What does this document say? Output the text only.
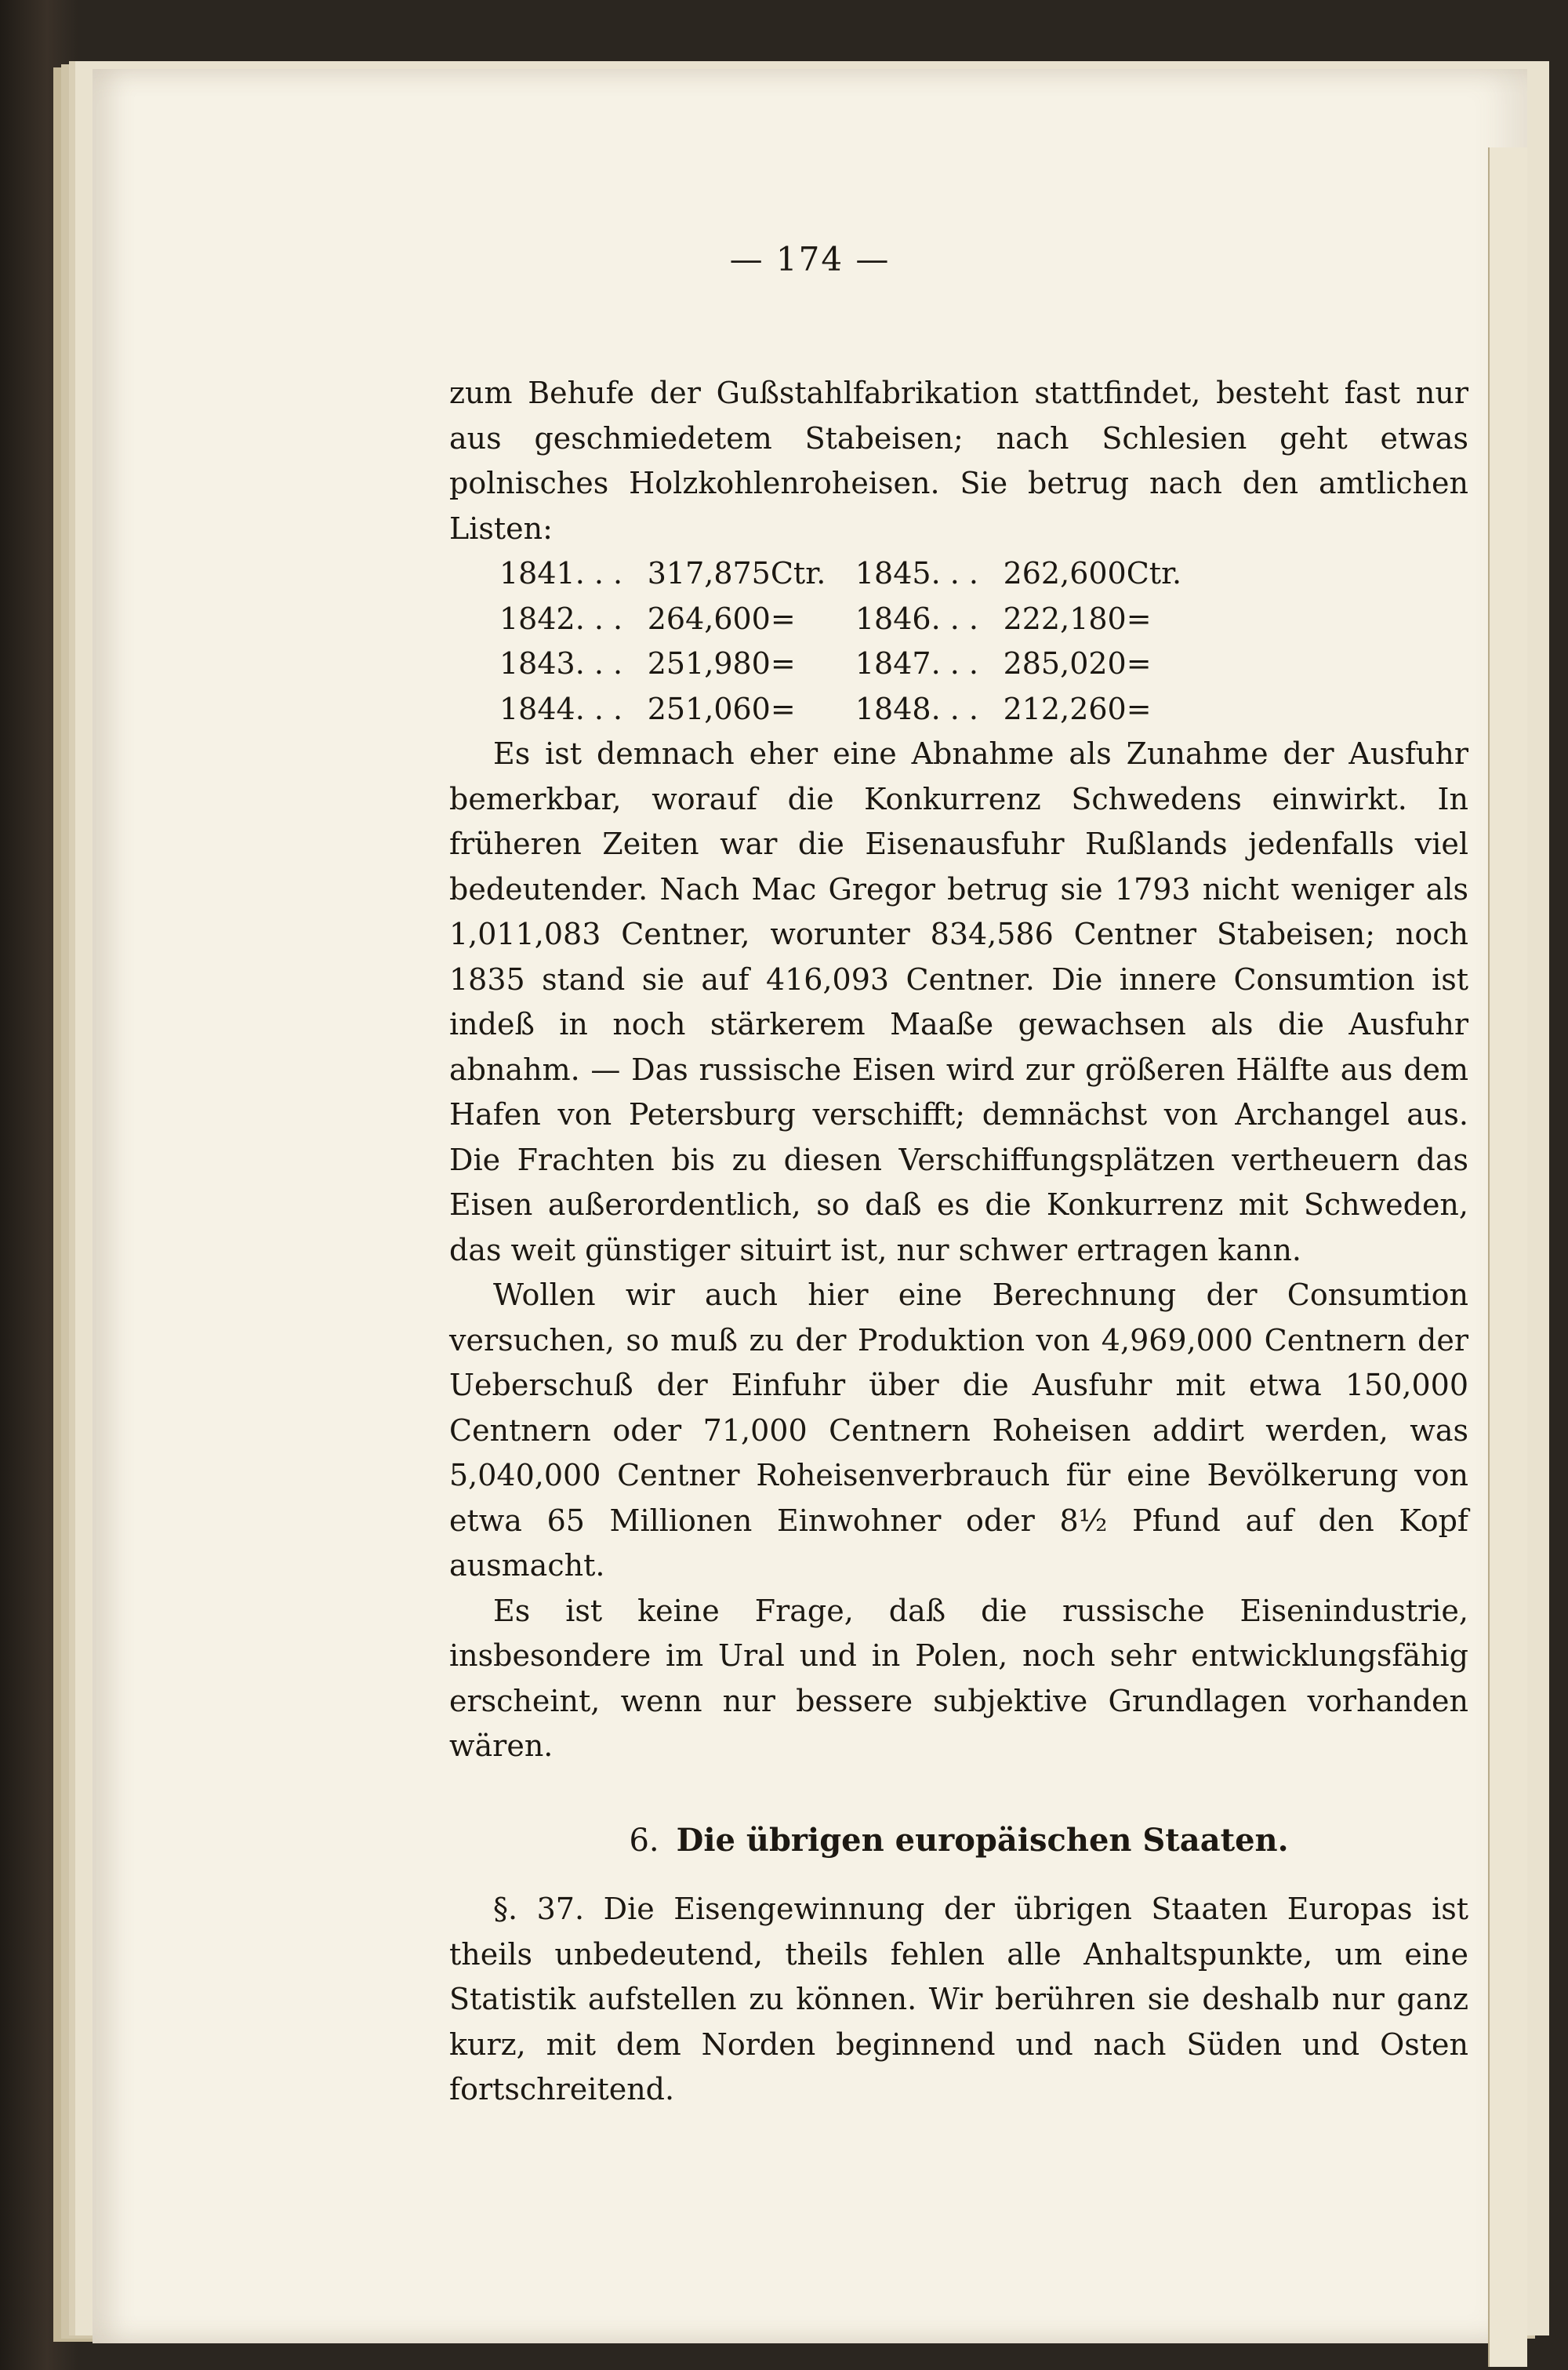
— 174 —

zum Behufe der Gußstahlfabrikation stattfindet, besteht fast nur aus geschmiedetem Stabeisen; nach Schlesien geht etwas polnisches Holzkohlenroheisen. Sie betrug nach den amtlichen Listen:

1841	. . .	317,875	Ctr.	1845	. . .	262,600	Ctr.
1842	. . .	264,600	=	1846	. . .	222,180	=
1843	. . .	251,980	=	1847	. . .	285,020	=
1844	. . .	251,060	=	1848	. . .	212,260	=

Es ist demnach eher eine Abnahme als Zunahme der Ausfuhr bemerkbar, worauf die Konkurrenz Schwedens einwirkt. In früheren Zeiten war die Eisenausfuhr Rußlands jedenfalls viel bedeutender. Nach Mac Gregor betrug sie 1793 nicht weniger als 1,011,083 Centner, worunter 834,586 Centner Stabeisen; noch 1835 stand sie auf 416,093 Centner. Die innere Consumtion ist indeß in noch stärkerem Maaße gewachsen als die Ausfuhr abnahm. — Das russische Eisen wird zur größeren Hälfte aus dem Hafen von Petersburg verschifft; demnächst von Archangel aus. Die Frachten bis zu diesen Verschiffungsplätzen vertheuern das Eisen außerordentlich, so daß es die Konkurrenz mit Schweden, das weit günstiger situirt ist, nur schwer ertragen kann.

Wollen wir auch hier eine Berechnung der Consumtion versuchen, so muß zu der Produktion von 4,969,000 Centnern der Ueberschuß der Einfuhr über die Ausfuhr mit etwa 150,000 Centnern oder 71,000 Centnern Roheisen addirt werden, was 5,040,000 Centner Roheisenverbrauch für eine Bevölkerung von etwa 65 Millionen Einwohner oder 8½ Pfund auf den Kopf ausmacht.

Es ist keine Frage, daß die russische Eisenindustrie, insbesondere im Ural und in Polen, noch sehr entwicklungsfähig erscheint, wenn nur bessere subjektive Grundlagen vorhanden wären.

6. Die übrigen europäischen Staaten.

§. 37. Die Eisengewinnung der übrigen Staaten Europas ist theils unbedeutend, theils fehlen alle Anhaltspunkte, um eine Statistik aufstellen zu können. Wir berühren sie deshalb nur ganz kurz, mit dem Norden beginnend und nach Süden und Osten fortschreitend.
